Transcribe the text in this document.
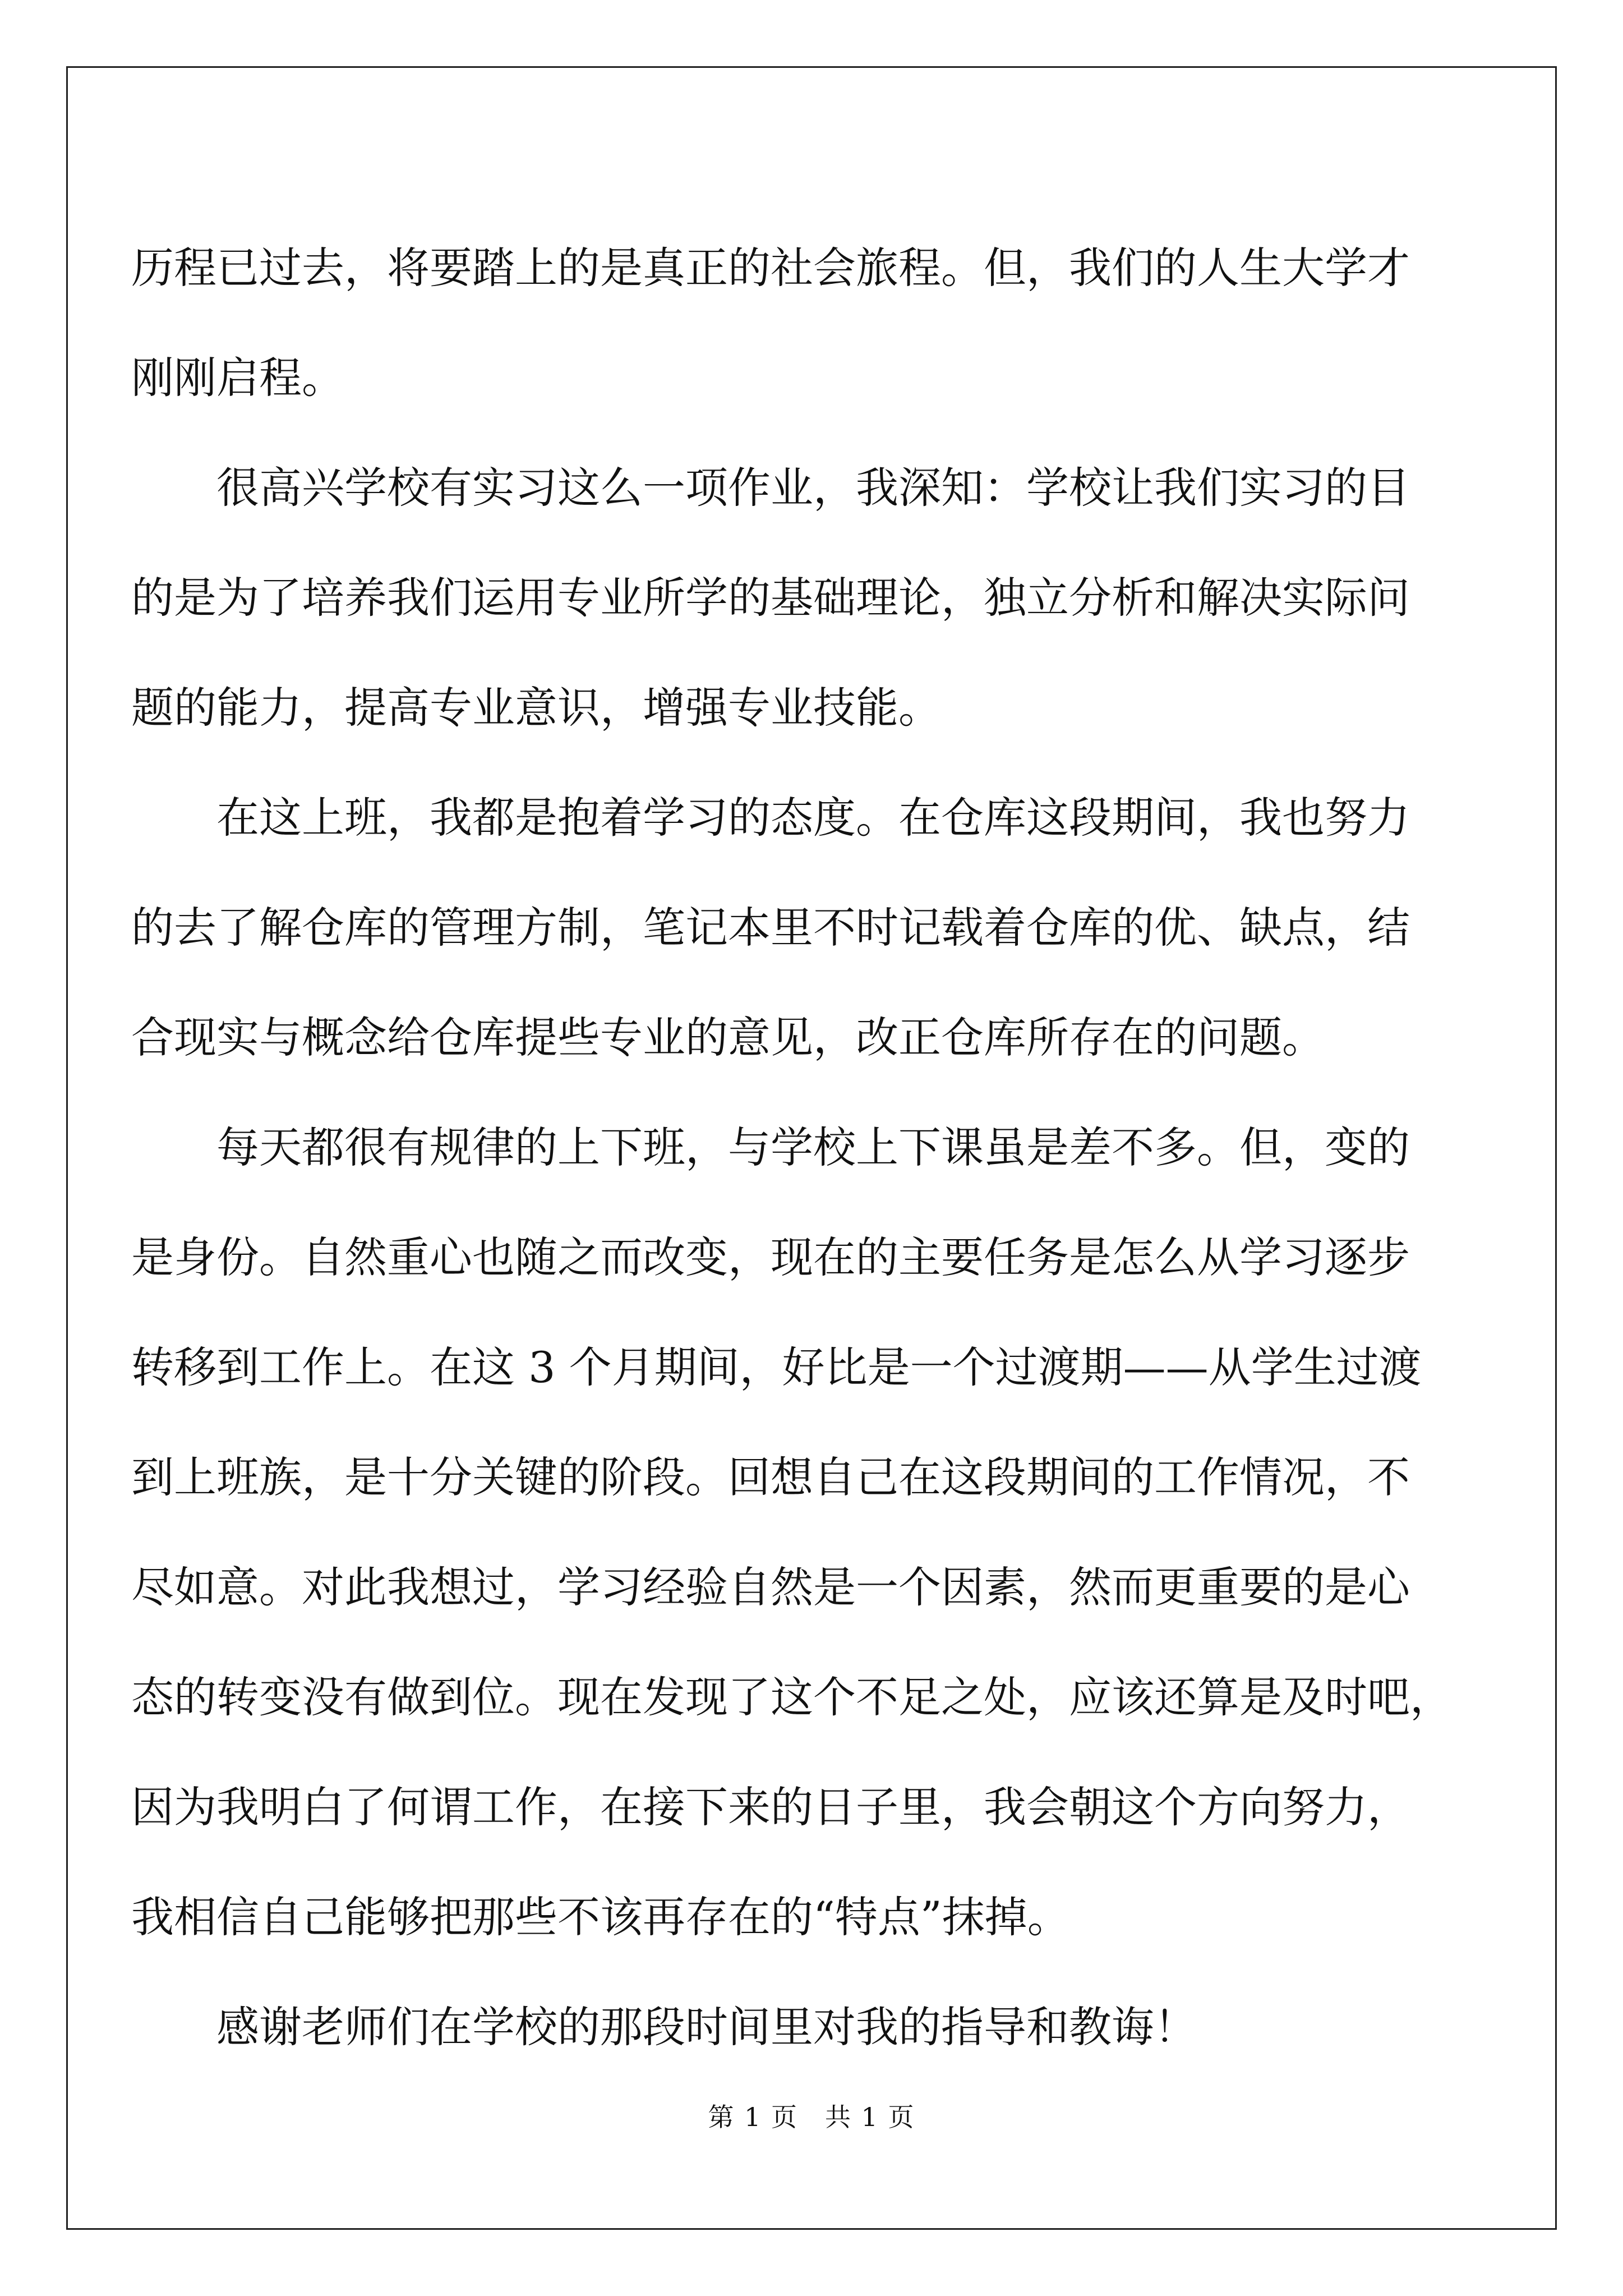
历程已过去，将要踏上的是真正的社会旅程。但，我们的人生大学才
刚刚启程。
　　很高兴学校有实习这么一项作业，我深知：学校让我们实习的目
的是为了培养我们运用专业所学的基础理论，独立分析和解决实际问
题的能力，提高专业意识，增强专业技能。
　　在这上班，我都是抱着学习的态度。在仓库这段期间，我也努力
的去了解仓库的管理方制，笔记本里不时记载着仓库的优、缺点，结
合现实与概念给仓库提些专业的意见，改正仓库所存在的问题。
　　每天都很有规律的上下班，与学校上下课虽是差不多。但，变的
是身份。自然重心也随之而改变，现在的主要任务是怎么从学习逐步
转移到工作上。在这 3 个月期间，好比是一个过渡期——从学生过渡
到上班族，是十分关键的阶段。回想自己在这段期间的工作情况，不
尽如意。对此我想过，学习经验自然是一个因素，然而更重要的是心
态的转变没有做到位。现在发现了这个不足之处，应该还算是及时吧，
因为我明白了何谓工作，在接下来的日子里，我会朝这个方向努力，
我相信自己能够把那些不该再存在的“特点”抹掉。
　　感谢老师们在学校的那段时间里对我的指导和教诲！
第 1 页　共 1 页
